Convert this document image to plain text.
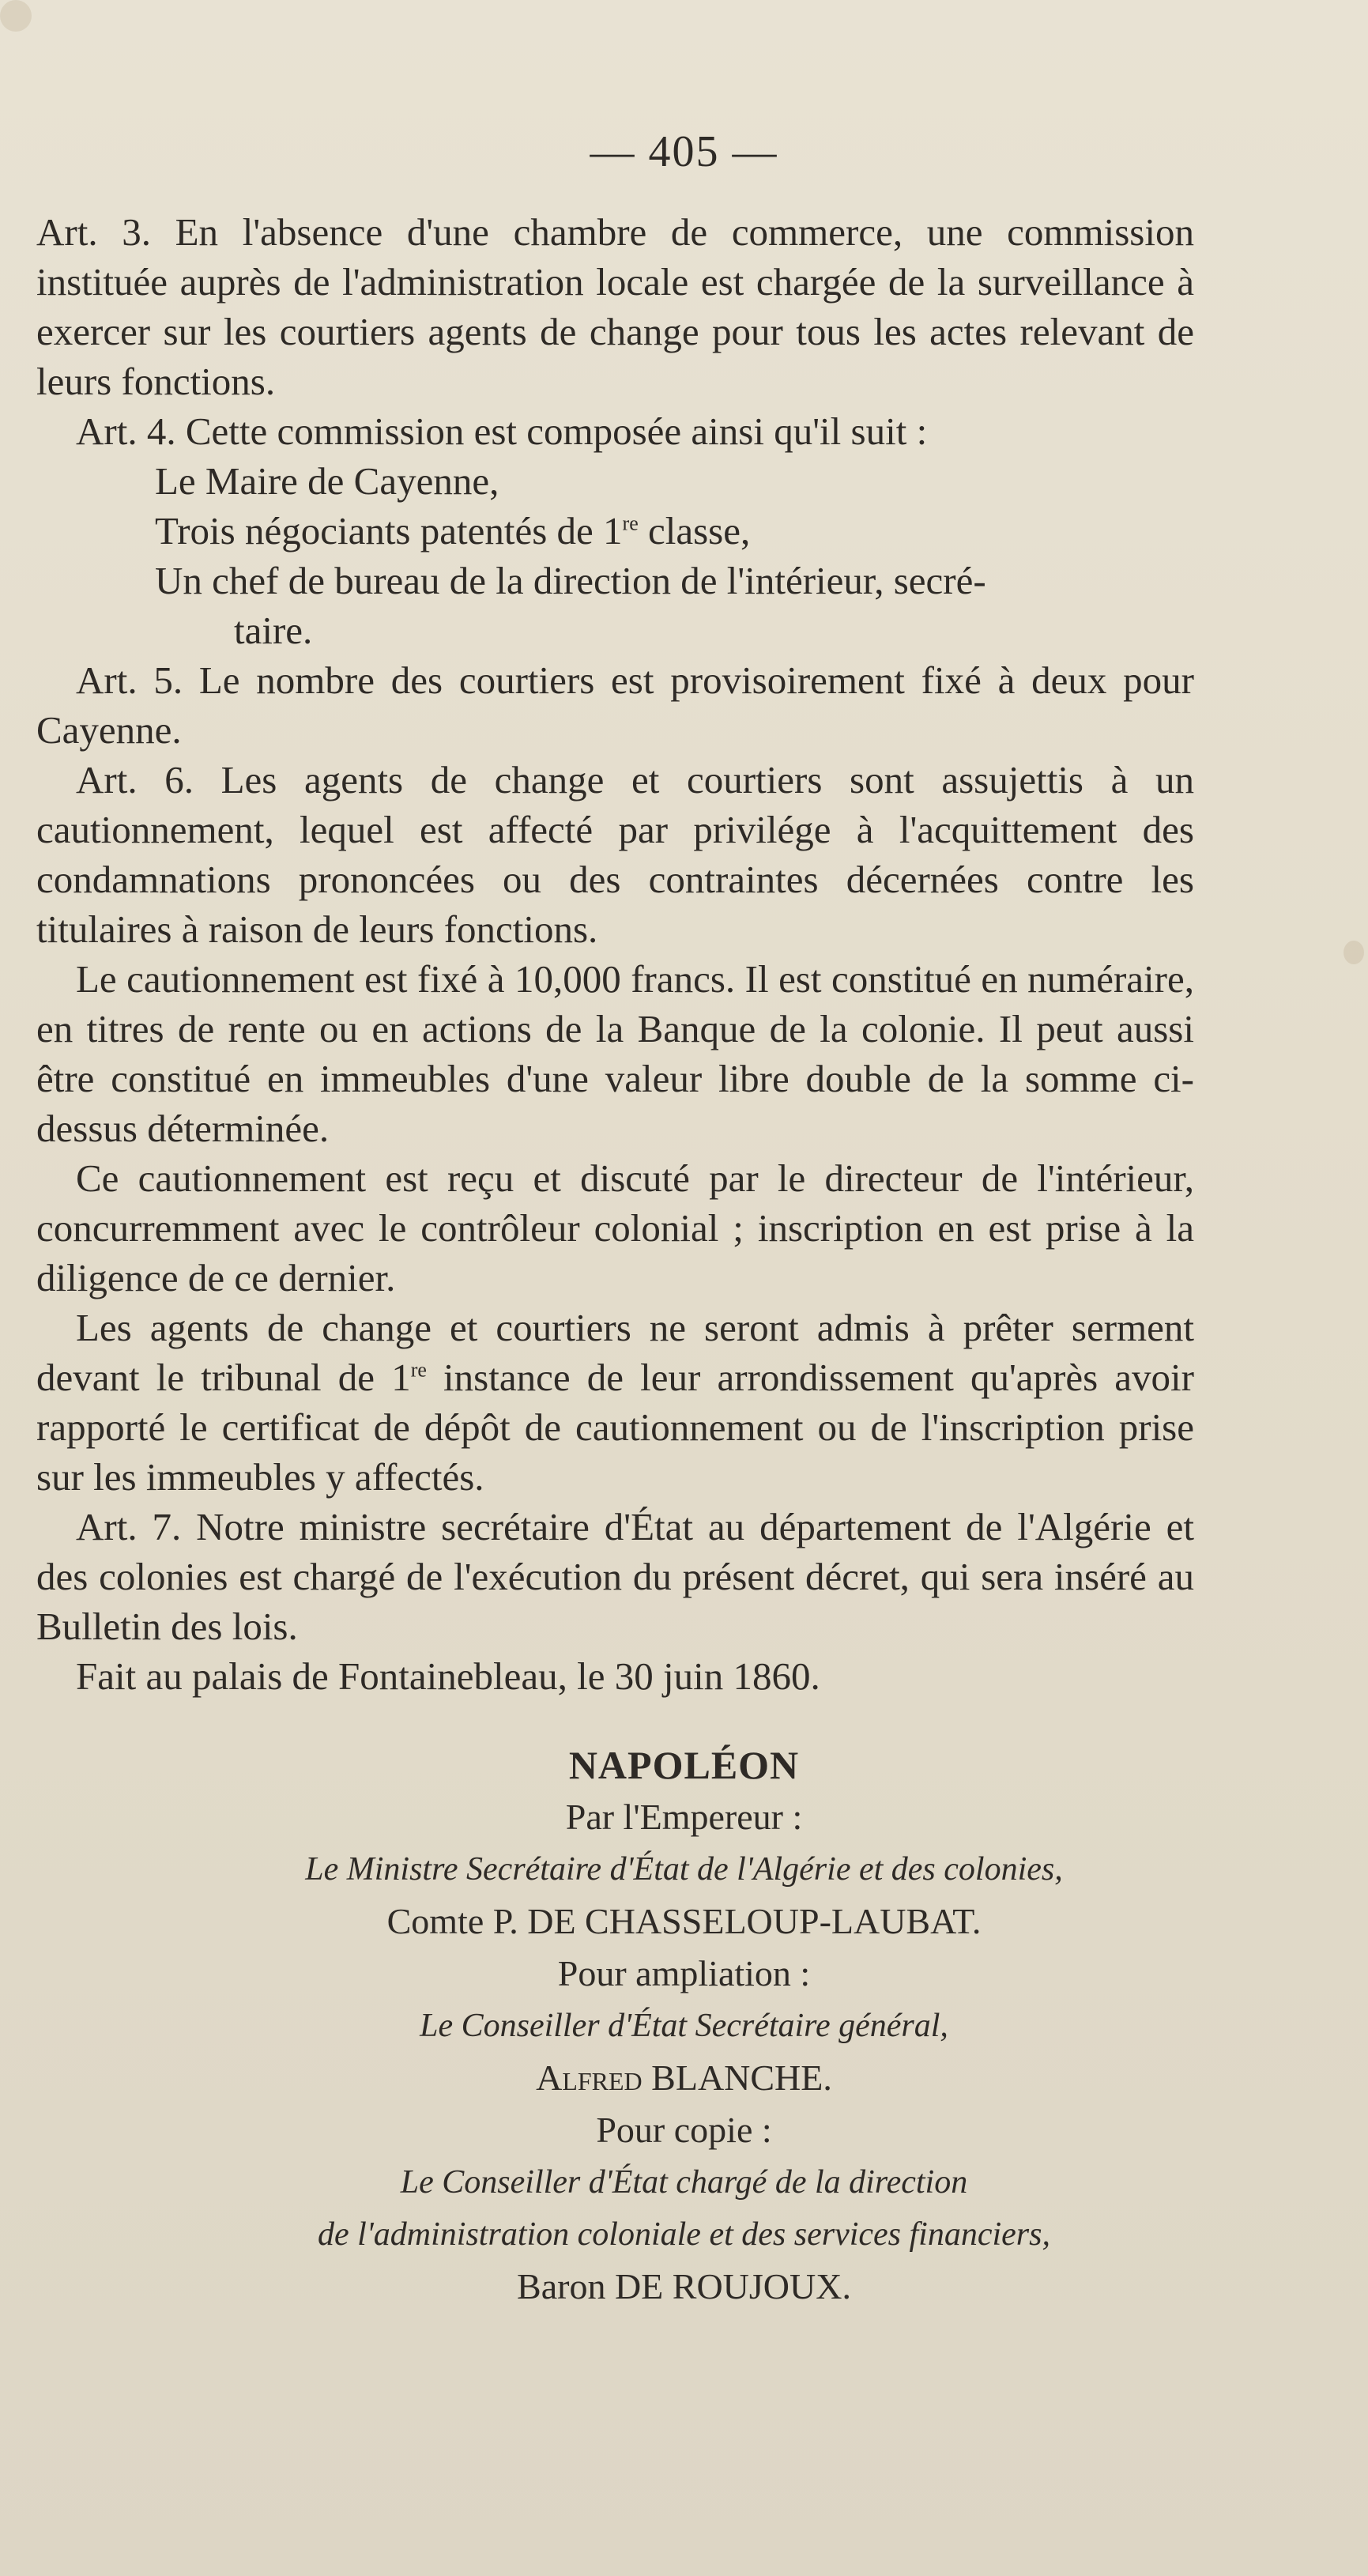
— 405 —

Art. 3. En l'absence d'une chambre de commerce, une commission instituée auprès de l'administration locale est chargée de la surveillance à exercer sur les courtiers agents de change pour tous les actes relevant de leurs fonctions.

Art. 4. Cette commission est composée ainsi qu'il suit :

Le Maire de Cayenne,

Trois négociants patentés de 1re classe,

Un chef de bureau de la direction de l'intérieur, secré-

taire.

Art. 5. Le nombre des courtiers est provisoirement fixé à deux pour Cayenne.

Art. 6. Les agents de change et courtiers sont assujettis à un cautionnement, lequel est affecté par privilége à l'acquittement des condamnations prononcées ou des contraintes décernées contre les titulaires à raison de leurs fonctions.

Le cautionnement est fixé à 10,000 francs. Il est constitué en numéraire, en titres de rente ou en actions de la Banque de la colonie. Il peut aussi être constitué en immeubles d'une valeur libre double de la somme ci-dessus déterminée.

Ce cautionnement est reçu et discuté par le directeur de l'intérieur, concurremment avec le contrôleur colonial ; inscription en est prise à la diligence de ce dernier.

Les agents de change et courtiers ne seront admis à prêter serment devant le tribunal de 1re instance de leur arrondissement qu'après avoir rapporté le certificat de dépôt de cautionnement ou de l'inscription prise sur les immeubles y affectés.

Art. 7. Notre ministre secrétaire d'État au département de l'Algérie et des colonies est chargé de l'exécution du présent décret, qui sera inséré au Bulletin des lois.

Fait au palais de Fontainebleau, le 30 juin 1860.

NAPOLÉON

Par l'Empereur :

Le Ministre Secrétaire d'État de l'Algérie et des colonies,

Comte P. DE CHASSELOUP-LAUBAT.

Pour ampliation :

Le Conseiller d'État Secrétaire général,

Alfred BLANCHE.

Pour copie :

Le Conseiller d'État chargé de la direction

de l'administration coloniale et des services financiers,

Baron DE ROUJOUX.
